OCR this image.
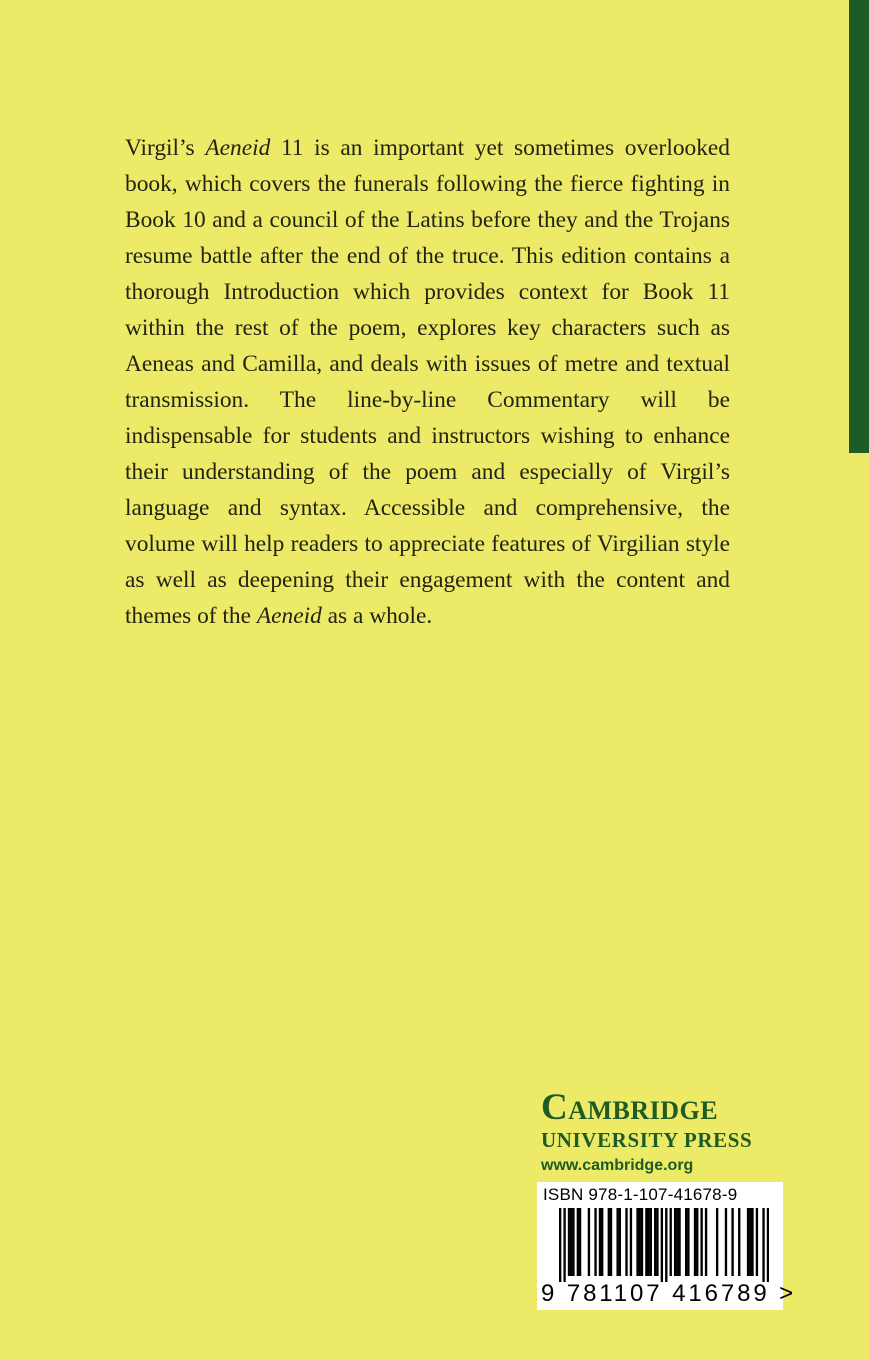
Virgil’s Aeneid 11 is an important yet sometimes overlooked book, which covers the funerals following the fierce fighting in Book 10 and a council of the Latins before they and the Trojans resume battle after the end of the truce. This edition contains a thorough Introduction which provides context for Book 11 within the rest of the poem, explores key characters such as Aeneas and Camilla, and deals with issues of metre and textual transmission. The line-by-line Commentary will be indispensable for students and instructors wishing to enhance their understanding of the poem and especially of Virgil’s language and syntax. Accessible and comprehensive, the volume will help readers to appreciate features of Virgilian style as well as deepening their engagement with the content and themes of the Aeneid as a whole.

Cambridge
UNIVERSITY PRESS
www.cambridge.org
ISBN 978-1-107-41678-9
9 781107 416789 >
